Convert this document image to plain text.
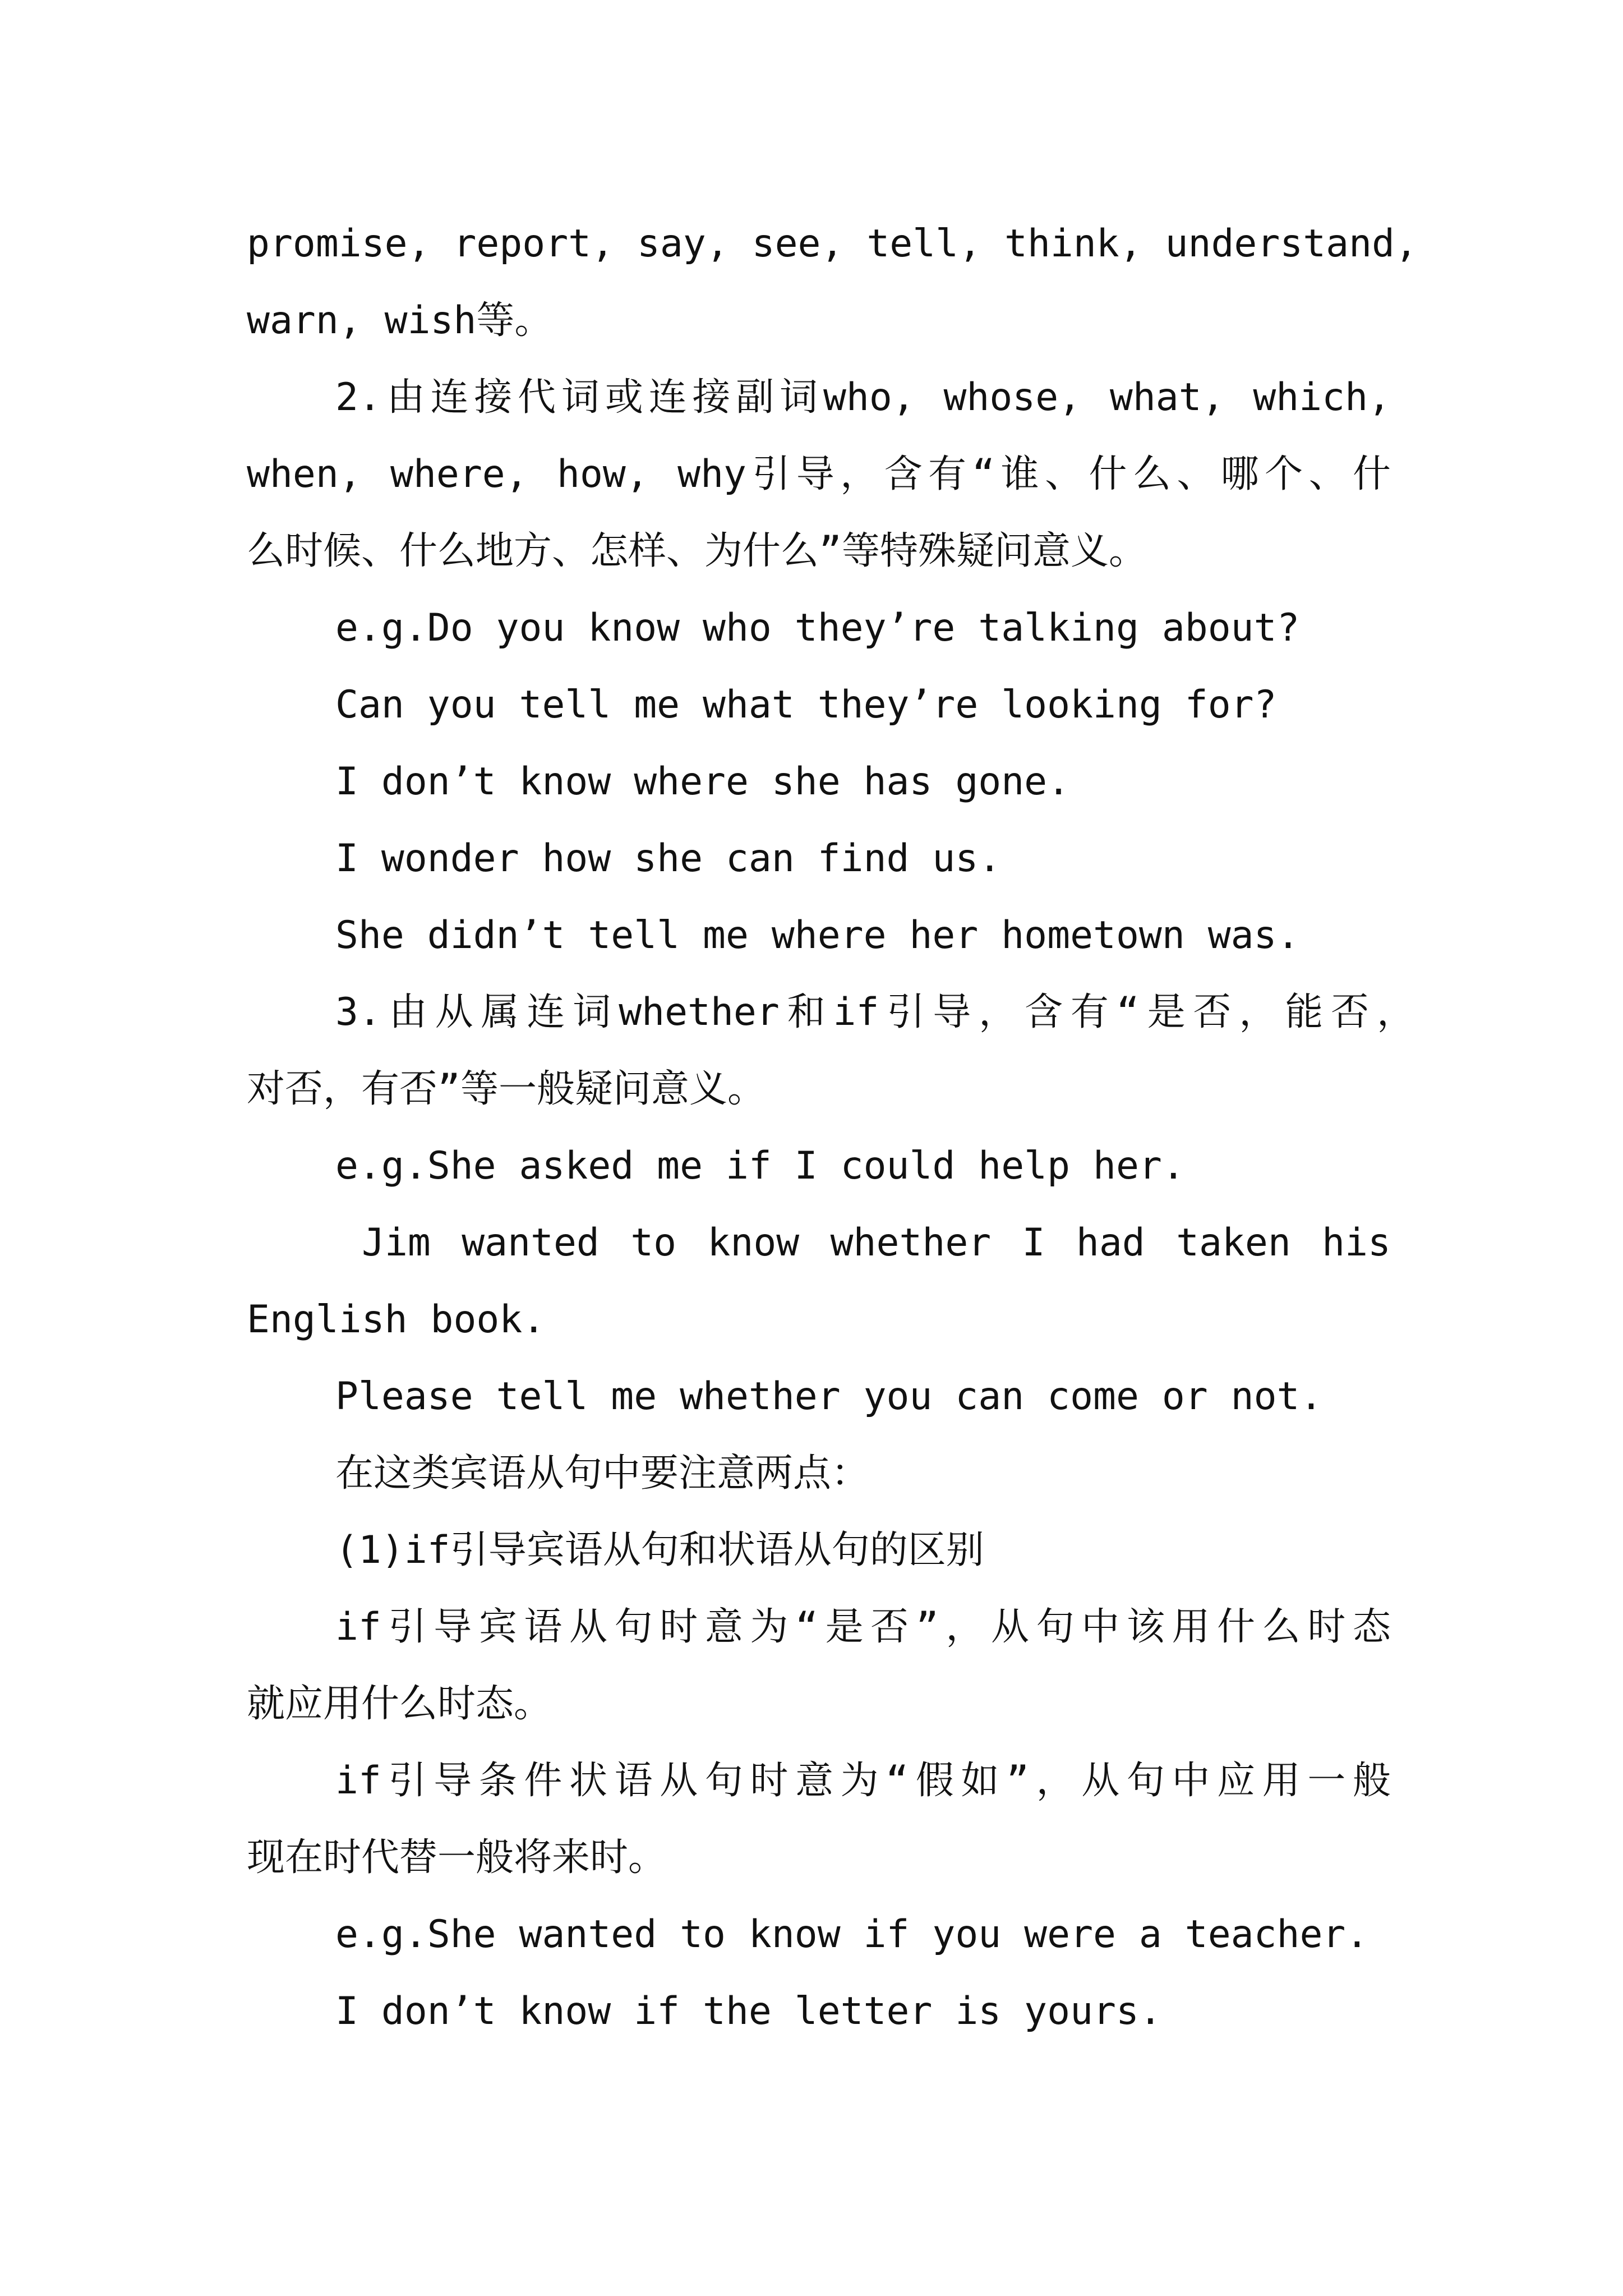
promise, report, say, see, tell, think, understand,
warn, wish等。
2.由连接代词或连接副词who, whose, what, which,
when, where, how, why引导，含有“谁、什么、哪个、什
么时候、什么地方、怎样、为什么”等特殊疑问意义。
e.g.Do you know who they’re talking about?
Can you tell me what they’re looking for?
I don’t know where she has gone.
I wonder how she can find us.
She didn’t tell me where her hometown was.
3.由从属连词whether和if引导，含有“是否，能否，
对否，有否”等一般疑问意义。
e.g.She asked me if I could help her.
Jim wanted to know whether I had taken his
English book.
Please tell me whether you can come or not.
在这类宾语从句中要注意两点：
(1)if引导宾语从句和状语从句的区别
if引导宾语从句时意为“是否”，从句中该用什么时态
就应用什么时态。
if引导条件状语从句时意为“假如”，从句中应用一般
现在时代替一般将来时。
e.g.She wanted to know if you were a teacher.
I don’t know if the letter is yours.
